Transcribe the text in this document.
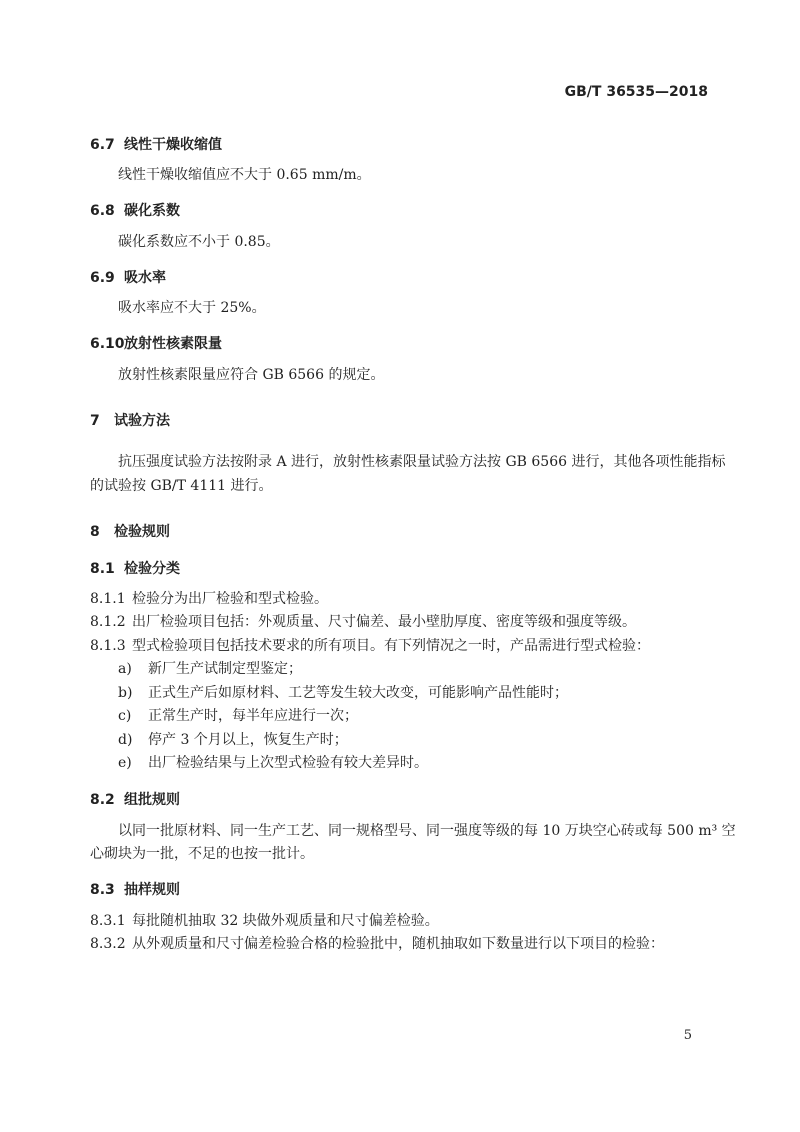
GB/T 36535—2018
6.7 线性干燥收缩值
线性干燥收缩值应不大于 0.65 mm/m。
6.8 碳化系数
碳化系数应不小于 0.85。
6.9 吸水率
吸水率应不大于 25%。
6.10放射性核素限量
放射性核素限量应符合 GB 6566 的规定。
7 试验方法
抗压强度试验方法按附录 A 进行，放射性核素限量试验方法按 GB 6566 进行，其他各项性能指标
的试验按 GB/T 4111 进行。
8 检验规则
8.1 检验分类
8.1.1 检验分为出厂检验和型式检验。
8.1.2 出厂检验项目包括：外观质量、尺寸偏差、最小壁肋厚度、密度等级和强度等级。
8.1.3 型式检验项目包括技术要求的所有项目。有下列情况之一时，产品需进行型式检验：
a) 新厂生产试制定型鉴定；
b) 正式生产后如原材料、工艺等发生较大改变，可能影响产品性能时；
c) 正常生产时，每半年应进行一次；
d) 停产 3 个月以上，恢复生产时；
e) 出厂检验结果与上次型式检验有较大差异时。
8.2 组批规则
以同一批原材料、同一生产工艺、同一规格型号、同一强度等级的每 10 万块空心砖或每 500 m³ 空
心砌块为一批，不足的也按一批计。
8.3 抽样规则
8.3.1 每批随机抽取 32 块做外观质量和尺寸偏差检验。
8.3.2 从外观质量和尺寸偏差检验合格的检验批中，随机抽取如下数量进行以下项目的检验：
5
